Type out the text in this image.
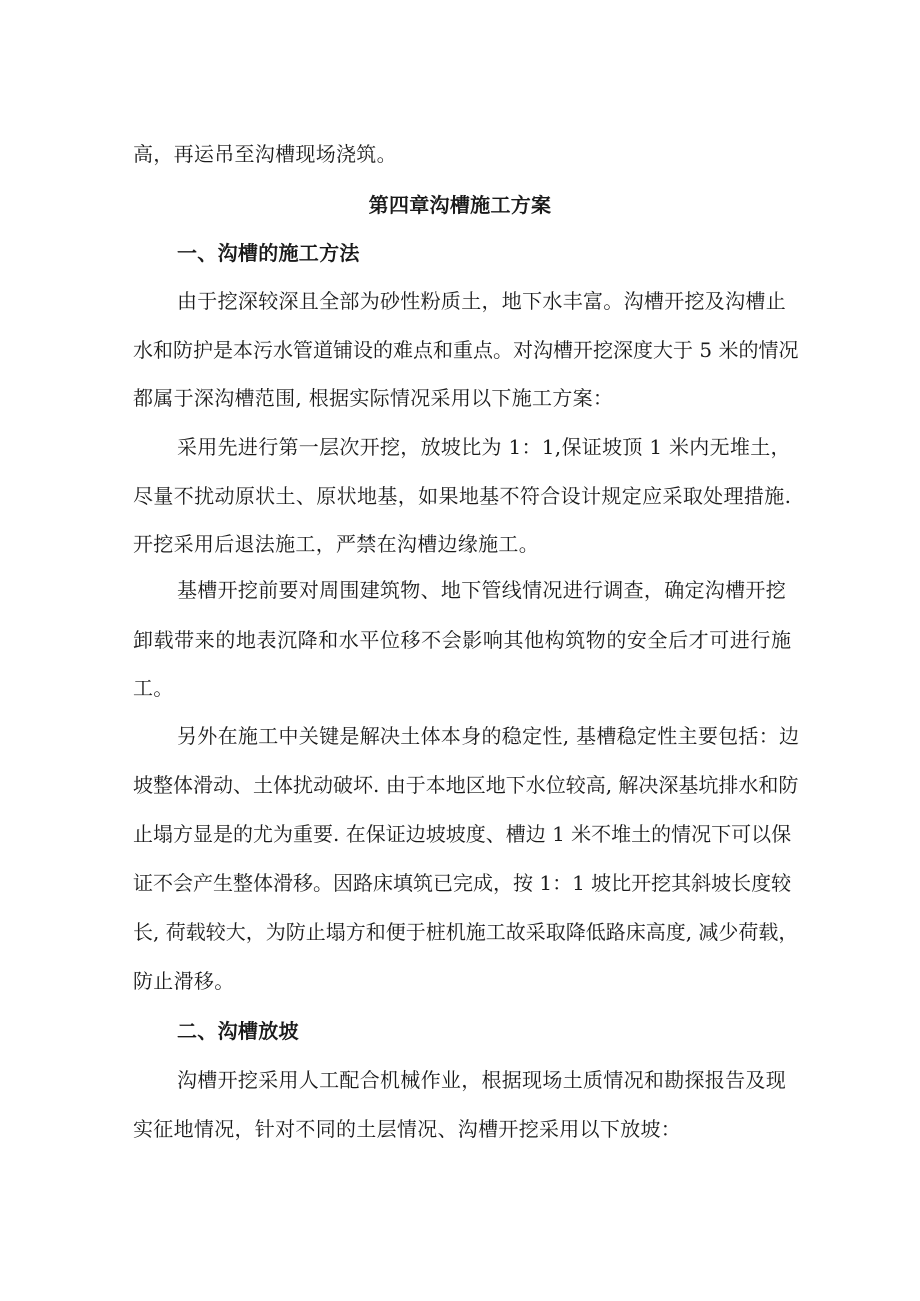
高，再运吊至沟槽现场浇筑。
第四章沟槽施工方案
一、沟槽的施工方法
由于挖深较深且全部为砂性粉质土，地下水丰富。沟槽开挖及沟槽止
水和防护是本污水管道铺设的难点和重点。对沟槽开挖深度大于 5 米的情况
都属于深沟槽范围, 根据实际情况采用以下施工方案：
采用先进行第一层次开挖，放坡比为 1：1,保证坡顶 1 米内无堆土，
尽量不扰动原状土、原状地基，如果地基不符合设计规定应采取处理措施.
开挖采用后退法施工，严禁在沟槽边缘施工。
基槽开挖前要对周围建筑物、地下管线情况进行调查，确定沟槽开挖
卸载带来的地表沉降和水平位移不会影响其他构筑物的安全后才可进行施
工。
另外在施工中关键是解决土体本身的稳定性, 基槽稳定性主要包括：边
坡整体滑动、土体扰动破坏. 由于本地区地下水位较高, 解决深基坑排水和防
止塌方显是的尤为重要. 在保证边坡坡度、槽边 1 米不堆土的情况下可以保
证不会产生整体滑移。因路床填筑已完成，按 1：1 坡比开挖其斜坡长度较
长, 荷载较大，为防止塌方和便于桩机施工故采取降低路床高度, 减少荷载，
防止滑移。
二、沟槽放坡
沟槽开挖采用人工配合机械作业，根据现场土质情况和勘探报告及现
实征地情况，针对不同的土层情况、沟槽开挖采用以下放坡：
